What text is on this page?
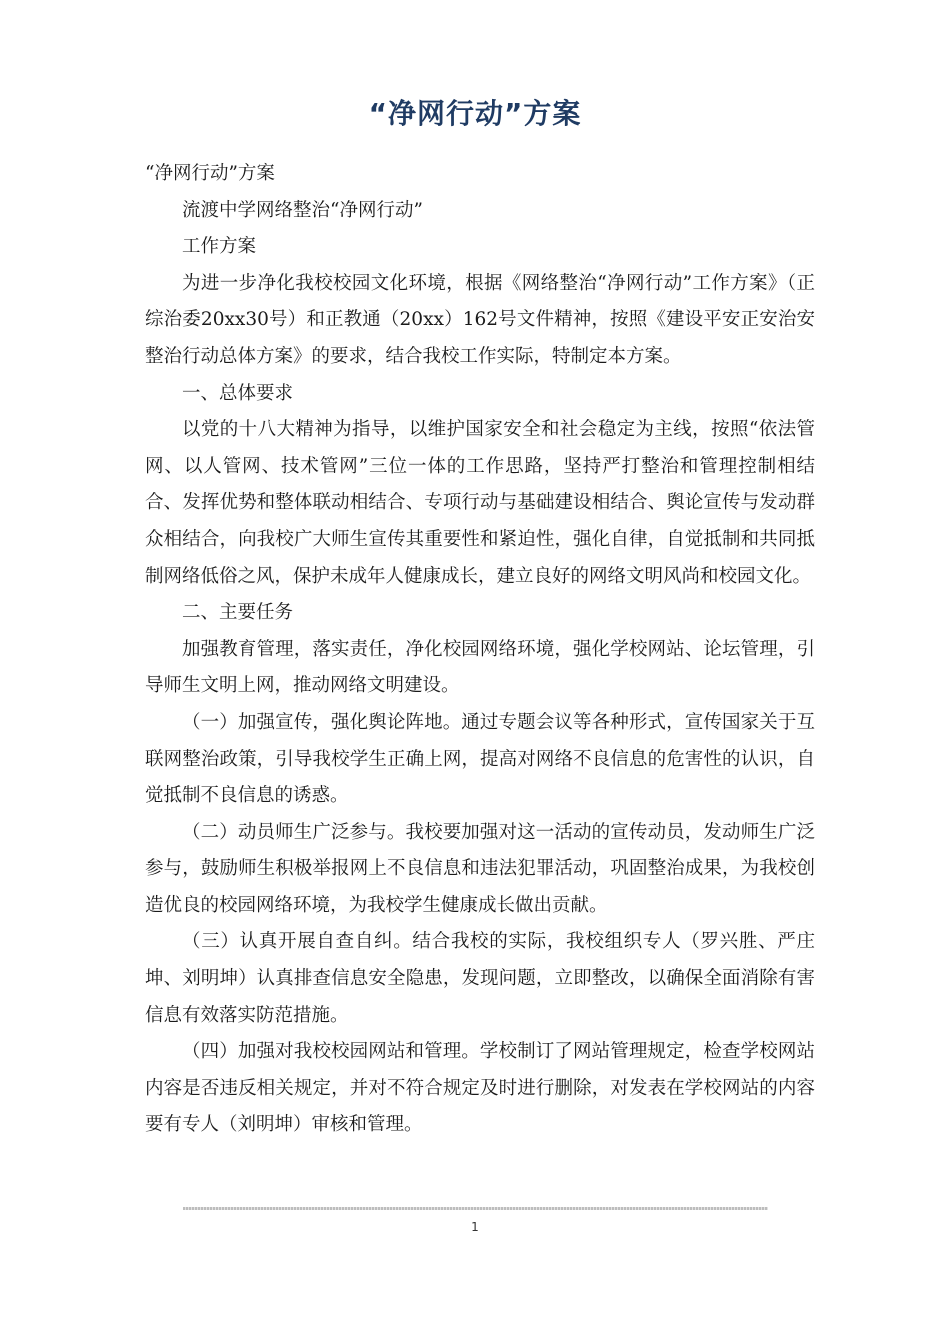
“净网行动”方案

“净网行动”方案

流渡中学网络整治“净网行动”

工作方案

为进一步净化我校校园文化环境，根据《网络整治“净网行动”工作方案》（正综治委20xx30号）和正教通（20xx）162号文件精神，按照《建设平安正安治安整治行动总体方案》的要求，结合我校工作实际，特制定本方案。

一、总体要求

以党的十八大精神为指导，以维护国家安全和社会稳定为主线，按照“依法管网、以人管网、技术管网”三位一体的工作思路，坚持严打整治和管理控制相结合、发挥优势和整体联动相结合、专项行动与基础建设相结合、舆论宣传与发动群众相结合，向我校广大师生宣传其重要性和紧迫性，强化自律，自觉抵制和共同抵制网络低俗之风，保护未成年人健康成长，建立良好的网络文明风尚和校园文化。

二、主要任务

加强教育管理，落实责任，净化校园网络环境，强化学校网站、论坛管理，引导师生文明上网，推动网络文明建设。

（一）加强宣传，强化舆论阵地。通过专题会议等各种形式，宣传国家关于互联网整治政策，引导我校学生正确上网，提高对网络不良信息的危害性的认识，自觉抵制不良信息的诱惑。

（二）动员师生广泛参与。我校要加强对这一活动的宣传动员，发动师生广泛参与，鼓励师生积极举报网上不良信息和违法犯罪活动，巩固整治成果，为我校创造优良的校园网络环境，为我校学生健康成长做出贡献。

（三）认真开展自查自纠。结合我校的实际，我校组织专人（罗兴胜、严庄坤、刘明坤）认真排查信息安全隐患，发现问题，立即整改，以确保全面消除有害信息有效落实防范措施。

（四）加强对我校校园网站和管理。学校制订了网站管理规定，检查学校网站内容是否违反相关规定，并对不符合规定及时进行删除，对发表在学校网站的内容要有专人（刘明坤）审核和管理。

1
